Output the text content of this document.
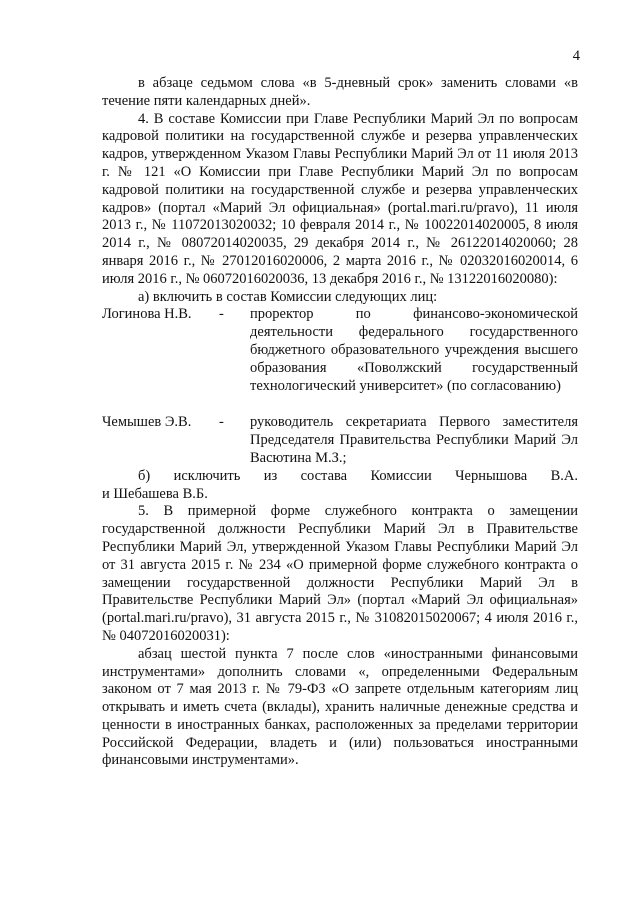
4

в абзаце седьмом слова «в 5-дневный срок» заменить словами «в течение пяти календарных дней».

4. В составе Комиссии при Главе Республики Марий Эл по вопросам кадровой политики на государственной службе и резерва управленческих кадров, утвержденном Указом Главы Республики Марий Эл от 11 июля 2013 г. № 121 «О Комиссии при Главе Республики Марий Эл по вопросам кадровой политики на государственной службе и резерва управленческих кадров» (портал «Марий Эл официальная» (portal.mari.ru/pravo), 11 июля 2013 г., № 11072013020032; 10 февраля 2014 г., № 10022014020005, 8 июля 2014 г., № 08072014020035, 29 декабря 2014 г., № 26122014020060; 28 января 2016 г., № 27012016020006, 2 марта 2016 г., № 02032016020014, 6 июля 2016 г., № 06072016020036, 13 декабря 2016 г., № 13122016020080):

а) включить в состав Комиссии следующих лиц:

Логинова Н.В.	-	проректор по финансово-экономической деятельности федерального государственного бюджетного образовательного учреждения высшего образования «Поволжский государственный технологический университет» (по согласованию)
Чемышев Э.В.	-	руководитель секретариата Первого заместителя Председателя Правительства Республики Марий Эл Васютина М.З.;

б) исключить из состава Комиссии Чернышова В.А.

и Шебашева В.Б.

5. В примерной форме служебного контракта о замещении государственной должности Республики Марий Эл в Правительстве Республики Марий Эл, утвержденной Указом Главы Республики Марий Эл от 31 августа 2015 г. № 234 «О примерной форме служебного контракта о замещении государственной должности Республики Марий Эл в Правительстве Республики Марий Эл» (портал «Марий Эл официальная» (portal.mari.ru/pravo), 31 августа 2015 г., № 31082015020067; 4 июля 2016 г., № 04072016020031):

абзац шестой пункта 7 после слов «иностранными финансовыми инструментами» дополнить словами «, определенными Федеральным законом от 7 мая 2013 г. № 79-ФЗ «О запрете отдельным категориям лиц открывать и иметь счета (вклады), хранить наличные денежные средства и ценности в иностранных банках, расположенных за пределами территории Российской Федерации, владеть и (или) пользоваться иностранными финансовыми инструментами».
